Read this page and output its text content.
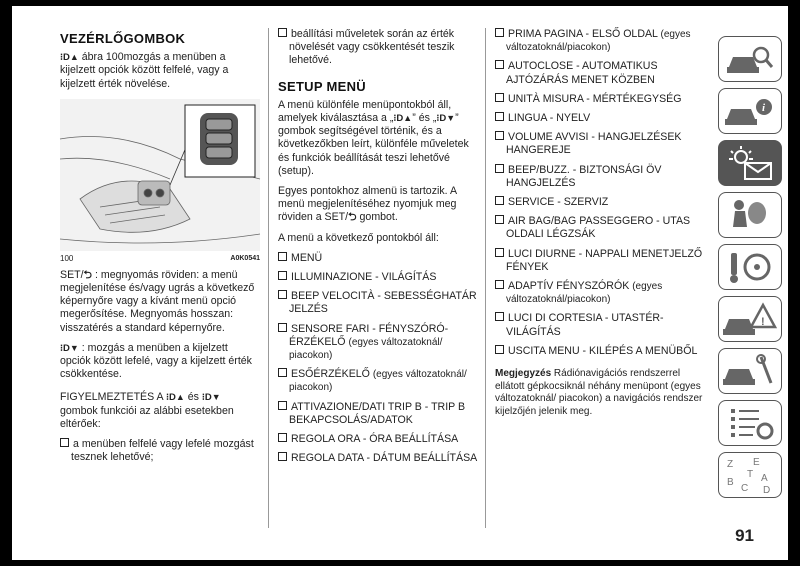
VEZÉRLŐGOMBOK

⁝D▲ ábra 100mozgás a menüben a kijelzett opciók között felfelé, vagy a kijelzett érték növelése.

100	A0K0541

SET/⮌ : megnyomás röviden: a menü megjelenítése és/vagy ugrás a következő képernyőre vagy a kívánt menü opció megerősítése. Megnyomás hosszan: visszatérés a standard képernyőre.

⁝D▼ : mozgás a menüben a kijelzett opciók között lefelé, vagy a kijelzett érték csökkentése.

FIGYELMEZTETÉS A ⁝D▲ és ⁝D▼ gombok funkciói az alábbi esetekben eltérőek:

a menüben felfelé vagy lefelé mozgást tesznek lehetővé;
beállítási műveletek során az érték növelését vagy csökkentését teszik lehetővé.
SETUP MENÜ

A menü különféle menüpontokból áll, amelyek kiválasztása a „⁝D▲” és „⁝D▼” gombok segítségével történik, és a következőkben leírt, különféle műveletek és funkciók beállítását teszi lehetővé (setup).

Egyes pontokhoz almenü is tartozik. A menü megjelenítéséhez nyomjuk meg röviden a SET/⮌ gombot.

A menü a következő pontokból áll:

MENÜ
ILLUMINAZIONE - VILÁGÍTÁS
BEEP VELOCITÀ - SEBESSÉGHATÁR JELZÉS
SENSORE FARI - FÉNYSZÓRÓ-ÉRZÉKELŐ (egyes változatoknál/ piacokon)
ESŐÉRZÉKELŐ (egyes változatoknál/ piacokon)
ATTIVAZIONE/DATI TRIP B - TRIP B BEKAPCSOLÁS/ADATOK
REGOLA ORA - ÓRA BEÁLLÍTÁSA
REGOLA DATA - DÁTUM BEÁLLÍTÁSA
PRIMA PAGINA - ELSŐ OLDAL (egyes változatoknál/piacokon)
AUTOCLOSE - AUTOMATIKUS AJTÓZÁRÁS MENET KÖZBEN
UNITÀ MISURA - MÉRTÉKEGYSÉG
LINGUA - NYELV
VOLUME AVVISI - HANGJELZÉSEK HANGEREJE
BEEP/BUZZ. - BIZTONSÁGI ÖV HANGJELZÉS
SERVICE - SZERVIZ
AIR BAG/BAG PASSEGGERO - UTAS OLDALI LÉGZSÁK
LUCI DIURNE - NAPPALI MENETJELZŐ FÉNYEK
ADAPTÍV FÉNYSZÓRÓK (egyes változatoknál/piacokon)
LUCI DI CORTESIA - UTASTÉR-VILÁGÍTÁS
USCITA MENU - KILÉPÉS A MENÜBŐL

Megjegyzés Rádiónavigációs rendszerrel ellátott gépkocsiknál néhány menüpont (egyes változatoknál/ piacokon) a navigációs rendszer kijelzőjén jelenik meg.

i
!
Z E
B	A
C D
T
91
